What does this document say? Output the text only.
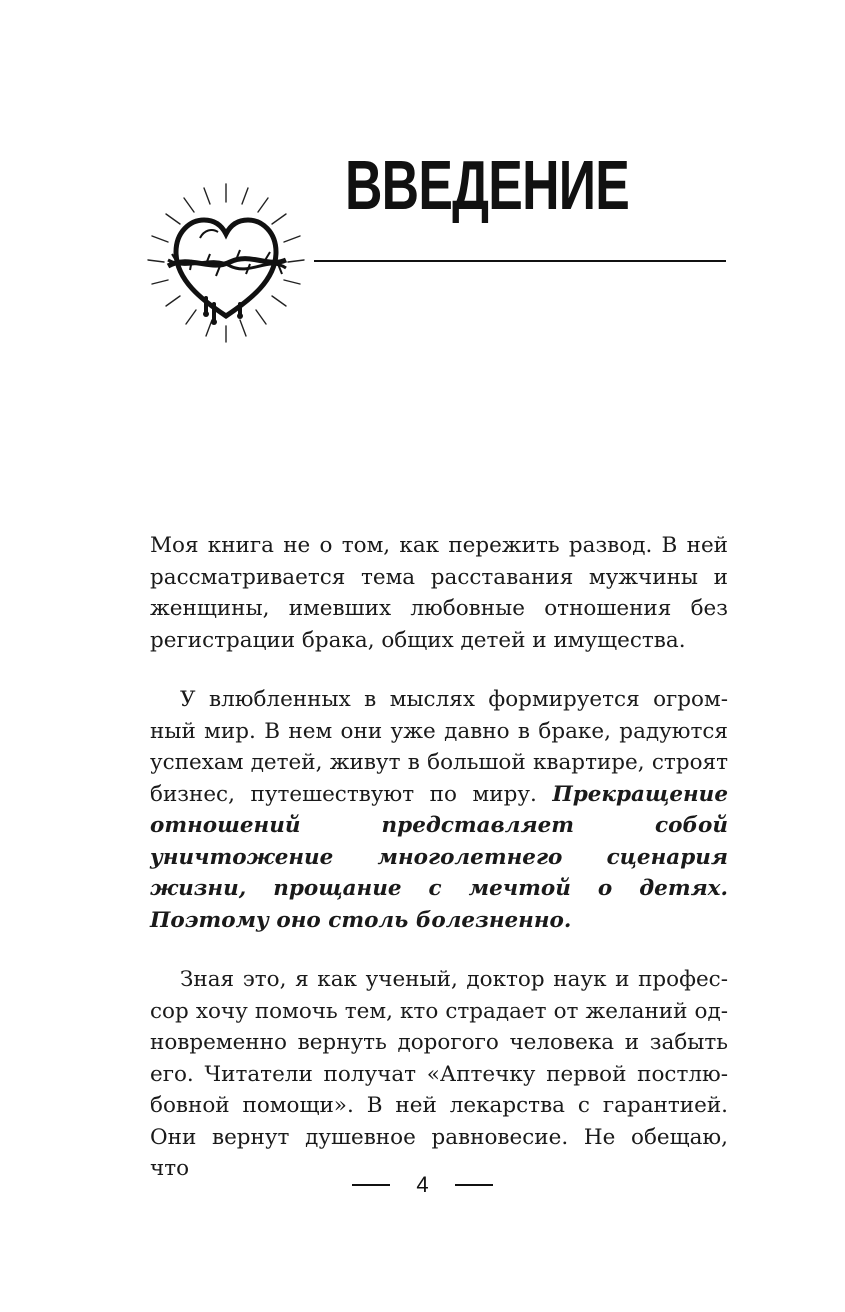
ВВЕДЕНИЕ

Моя книга не о том, как пережить развод. В ней рассматривается тема расставания мужчины и женщины, имевших любовные отношения без регистрации брака, общих детей и имущества.

У влюбленных в мыслях формируется огромный мир. В нем они уже давно в браке, радуются успехам детей, живут в большой квартире, строят бизнес, путешествуют по миру. Прекращение отношений представляет собой уничтожение многолетнего сценария жизни, прощание с мечтой о детях. Поэтому оно столь болезненно.

Зная это, я как ученый, доктор наук и профессор хочу помочь тем, кто страдает от желаний одновременно вернуть дорогого человека и забыть его. Читатели получат «Аптечку первой постлюбовной помощи». В ней лекарства с гарантией. Они вернут душевное равновесие. Не обещаю, что

4
